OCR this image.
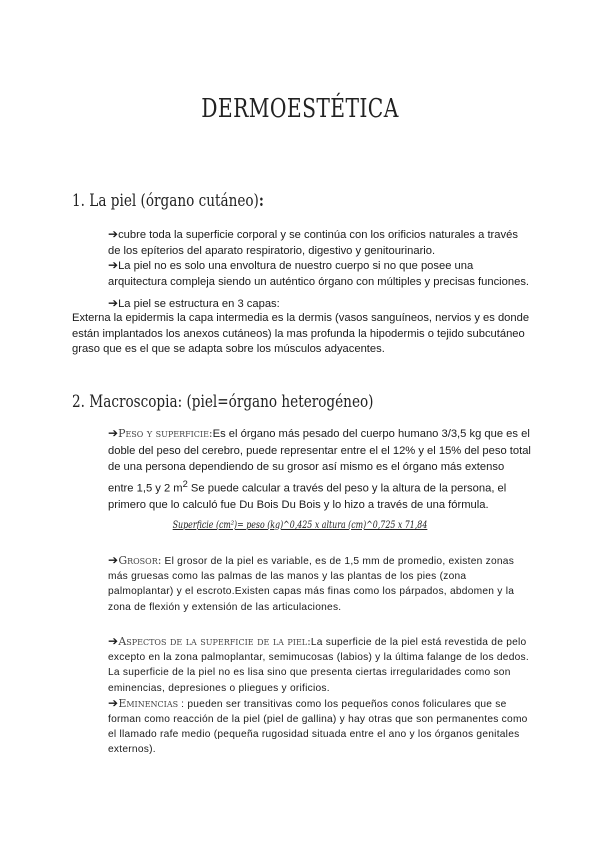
DERMOESTÉTICA
1. La piel (órgano cutáneo):
➔cubre toda la superficie corporal y se continúa con los orificios naturales a través de los epíterios del aparato respiratorio, digestivo y genitourinario.
➔La piel no es solo una envoltura de nuestro cuerpo si no que posee una arquitectura compleja siendo un auténtico órgano con múltiples y precisas funciones.
➔La piel se estructura en 3 capas:
Externa la epidermis la capa intermedia es la dermis (vasos sanguíneos, nervios y es donde están implantados los anexos cutáneos) la mas profunda la hipodermis o tejido subcutáneo graso que es el que se adapta sobre los músculos adyacentes.
2. Macroscopia: (piel=órgano heterogéneo)
➔Peso y superficie:Es el órgano más pesado del cuerpo humano 3/3,5 kg que es el doble del peso del cerebro, puede representar entre el el 12% y el 15% del peso total de una persona dependiendo de su grosor así mismo es el órgano más extenso entre 1,5 y 2 $m^2$ Se puede calcular a través del peso y la altura de la persona, el primero que lo calculó fue Du Bois Du Bois y lo hizo a través de una fórmula.
Superficie (cm²)= peso (kg)^0,425 x altura (cm)^0,725 x 71,84
➔Grosor: El grosor de la piel es variable, es de 1,5 mm de promedio, existen zonas más gruesas como las palmas de las manos y las plantas de los pies (zona palmoplantar) y el escroto.Existen capas más finas como los párpados, abdomen y la zona de flexión y extensión de las articulaciones.
➔Aspectos de la superficie de la piel:La superficie de la piel está revestida de pelo excepto en la zona palmoplantar, semimucosas (labios) y la última falange de los dedos.
La superficie de la piel no es lisa sino que presenta ciertas irregularidades como son eminencias, depresiones o pliegues y orificios.
➔Eminencias : pueden ser transitivas como los pequeños conos foliculares que se forman como reacción de la piel (piel de gallina) y hay otras que son permanentes como el llamado rafe medio (pequeña rugosidad situada entre el ano y los órganos genitales externos).
